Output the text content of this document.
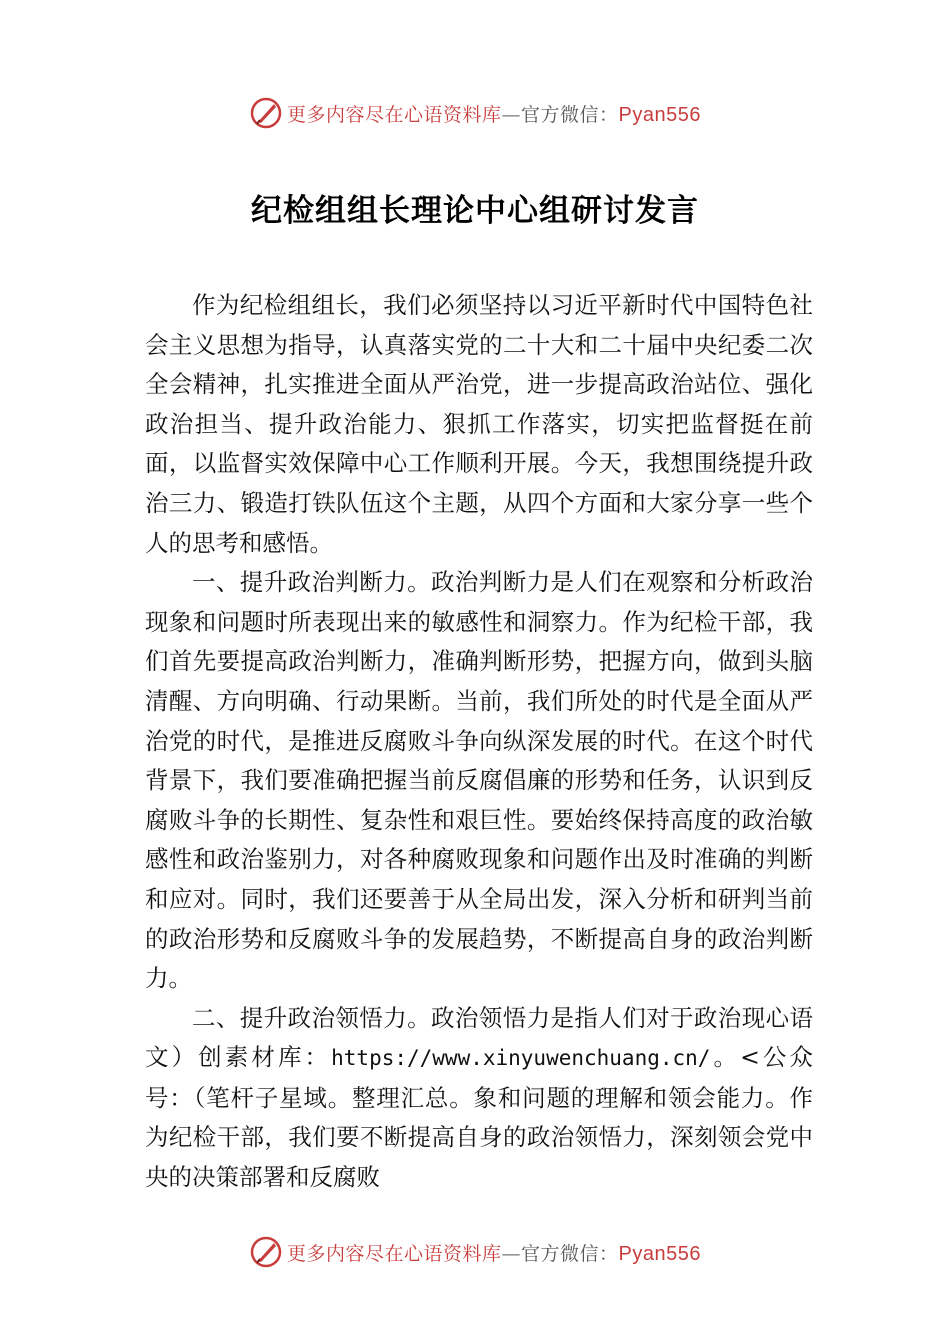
更多内容尽在心语资料库—官方微信：Pyan556
纪检组组长理论中心组研讨发言

作为纪检组组长，我们必须坚持以习近平新时代中国特色社会主义思想为指导，认真落实党的二十大和二十届中央纪委二次全会精神，扎实推进全面从严治党，进一步提高政治站位、强化政治担当、提升政治能力、狠抓工作落实，切实把监督挺在前面，以监督实效保障中心工作顺利开展。今天，我想围绕提升政治三力、锻造打铁队伍这个主题，从四个方面和大家分享一些个人的思考和感悟。

一、提升政治判断力。政治判断力是人们在观察和分析政治现象和问题时所表现出来的敏感性和洞察力。作为纪检干部，我们首先要提高政治判断力，准确判断形势，把握方向，做到头脑清醒、方向明确、行动果断。当前，我们所处的时代是全面从严治党的时代，是推进反腐败斗争向纵深发展的时代。在这个时代背景下，我们要准确把握当前反腐倡廉的形势和任务，认识到反腐败斗争的长期性、复杂性和艰巨性。要始终保持高度的政治敏感性和政治鉴别力，对各种腐败现象和问题作出及时准确的判断和应对。同时，我们还要善于从全局出发，深入分析和研判当前的政治形势和反腐败斗争的发展趋势，不断提高自身的政治判断力。

二、提升政治领悟力。政治领悟力是指人们对于政治现心语文）创素材库：https://www.xinyuwenchuang.cn/。<公众号：（笔杆子星域。整理汇总。象和问题的理解和领会能力。作为纪检干部，我们要不断提高自身的政治领悟力，深刻领会党中央的决策部署和反腐败

更多内容尽在心语资料库—官方微信：Pyan556
